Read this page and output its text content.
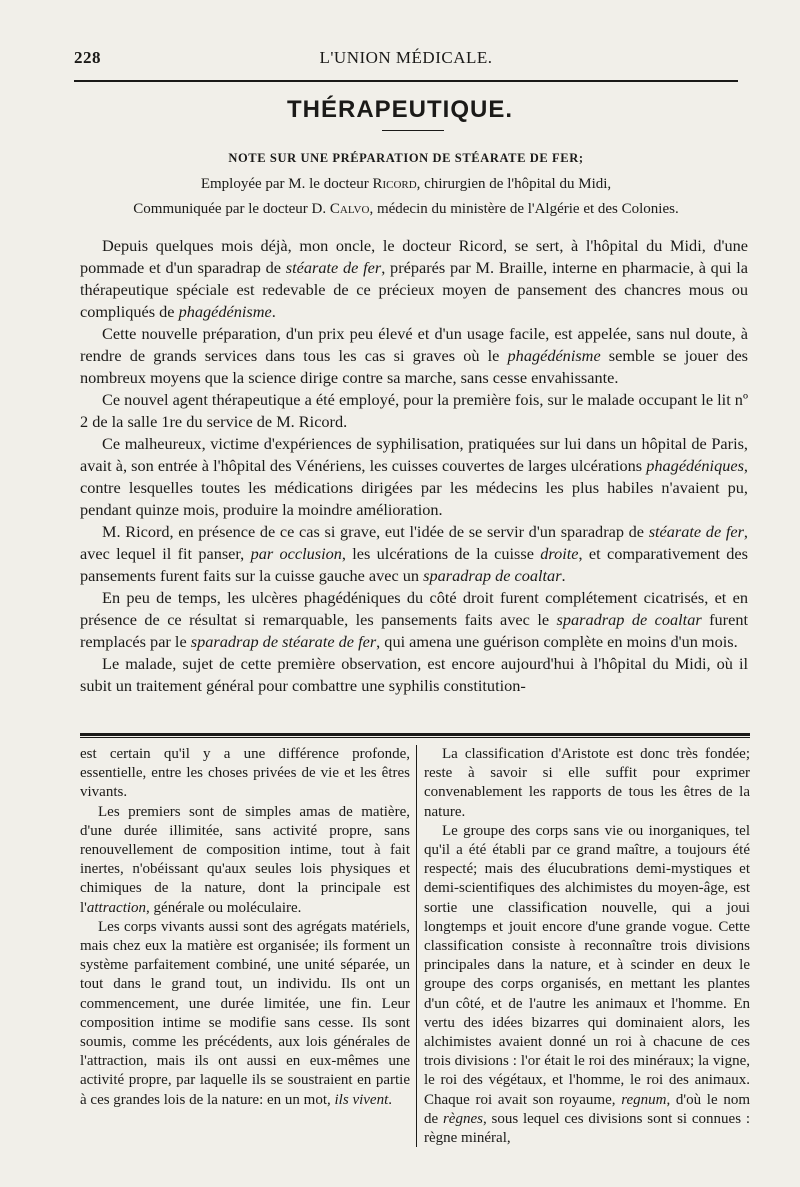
228	L'UNION MÉDICALE.
THÉRAPEUTIQUE.
NOTE SUR UNE PRÉPARATION DE STÉARATE DE FER;
Employée par M. le docteur Ricord, chirurgien de l'hôpital du Midi,
Communiquée par le docteur D. Calvo, médecin du ministère de l'Algérie et des Colonies.

Depuis quelques mois déjà, mon oncle, le docteur Ricord, se sert, à l'hôpital du Midi, d'une pommade et d'un sparadrap de stéarate de fer, préparés par M. Braille, interne en pharmacie, à qui la thérapeutique spéciale est redevable de ce précieux moyen de pansement des chancres mous ou compliqués de phagédénisme.

Cette nouvelle préparation, d'un prix peu élevé et d'un usage facile, est appelée, sans nul doute, à rendre de grands services dans tous les cas si graves où le phagédénisme semble se jouer des nombreux moyens que la science dirige contre sa marche, sans cesse envahissante.

Ce nouvel agent thérapeutique a été employé, pour la première fois, sur le malade occupant le lit nº 2 de la salle 1re du service de M. Ricord.

Ce malheureux, victime d'expériences de syphilisation, pratiquées sur lui dans un hôpital de Paris, avait à, son entrée à l'hôpital des Vénériens, les cuisses couvertes de larges ulcérations phagédéniques, contre lesquelles toutes les médications dirigées par les médecins les plus habiles n'avaient pu, pendant quinze mois, produire la moindre amélioration.

M. Ricord, en présence de ce cas si grave, eut l'idée de se servir d'un sparadrap de stéarate de fer, avec lequel il fit panser, par occlusion, les ulcérations de la cuisse droite, et comparativement des pansements furent faits sur la cuisse gauche avec un sparadrap de coaltar.

En peu de temps, les ulcères phagédéniques du côté droit furent complétement cicatrisés, et en présence de ce résultat si remarquable, les pansements faits avec le sparadrap de coaltar furent remplacés par le sparadrap de stéarate de fer, qui amena une guérison complète en moins d'un mois.

Le malade, sujet de cette première observation, est encore aujourd'hui à l'hôpital du Midi, où il subit un traitement général pour combattre une syphilis constitution-

est certain qu'il y a une différence profonde, essentielle, entre les choses privées de vie et les êtres vivants.

Les premiers sont de simples amas de matière, d'une durée illimitée, sans activité propre, sans renouvellement de composition intime, tout à fait inertes, n'obéissant qu'aux seules lois physiques et chimiques de la nature, dont la principale est l'attraction, générale ou moléculaire.

Les corps vivants aussi sont des agrégats matériels, mais chez eux la matière est organisée; ils forment un système parfaitement combiné, une unité séparée, un tout dans le grand tout, un individu. Ils ont un commencement, une durée limitée, une fin. Leur composition intime se modifie sans cesse. Ils sont soumis, comme les précédents, aux lois générales de l'attraction, mais ils ont aussi en eux-mêmes une activité propre, par laquelle ils se soustraient en partie à ces grandes lois de la nature: en un mot, ils vivent.

La classification d'Aristote est donc très fondée; reste à savoir si elle suffit pour exprimer convenablement les rapports de tous les êtres de la nature.

Le groupe des corps sans vie ou inorganiques, tel qu'il a été établi par ce grand maître, a toujours été respecté; mais des élucubrations demi-mystiques et demi-scientifiques des alchimistes du moyen-âge, est sortie une classification nouvelle, qui a joui longtemps et jouit encore d'une grande vogue. Cette classification consiste à reconnaître trois divisions principales dans la nature, et à scinder en deux le groupe des corps organisés, en mettant les plantes d'un côté, et de l'autre les animaux et l'homme. En vertu des idées bizarres qui dominaient alors, les alchimistes avaient donné un roi à chacune de ces trois divisions : l'or était le roi des minéraux; la vigne, le roi des végétaux, et l'homme, le roi des animaux. Chaque roi avait son royaume, regnum, d'où le nom de règnes, sous lequel ces divisions sont si connues : règne minéral,
